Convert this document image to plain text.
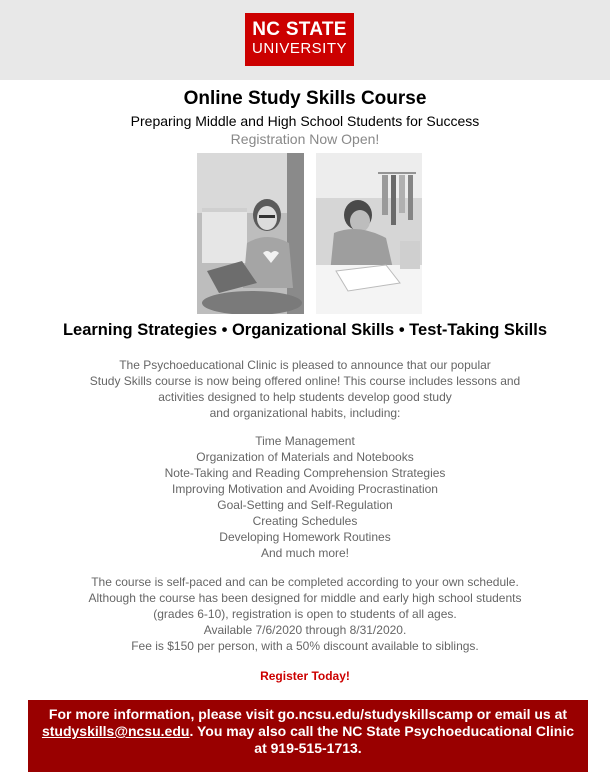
NC STATE
UNIVERSITY
Online Study Skills Course
Preparing Middle and High School Students for Success
Registration Now Open!
Learning Strategies • Organizational Skills • Test-Taking Skills
The Psychoeducational Clinic is pleased to announce that our popular
Study Skills course is now being offered online! This course includes lessons and
activities designed to help students develop good study
and organizational habits, including:
Time Management
Organization of Materials and Notebooks
Note-Taking and Reading Comprehension Strategies
Improving Motivation and Avoiding Procrastination
Goal-Setting and Self-Regulation
Creating Schedules
Developing Homework Routines
And much more!
The course is self-paced and can be completed according to your own schedule.
Although the course has been designed for middle and early high school students
(grades 6-10), registration is open to students of all ages.
Available 7/6/2020 through 8/31/2020.
Fee is $150 per person, with a 50% discount available to siblings.
Register Today!
For more information, please visit go.ncsu.edu/studyskillscamp or email us at
studyskills@ncsu.edu. You may also call the NC State Psychoeducational Clinic
at 919-515-1713.
